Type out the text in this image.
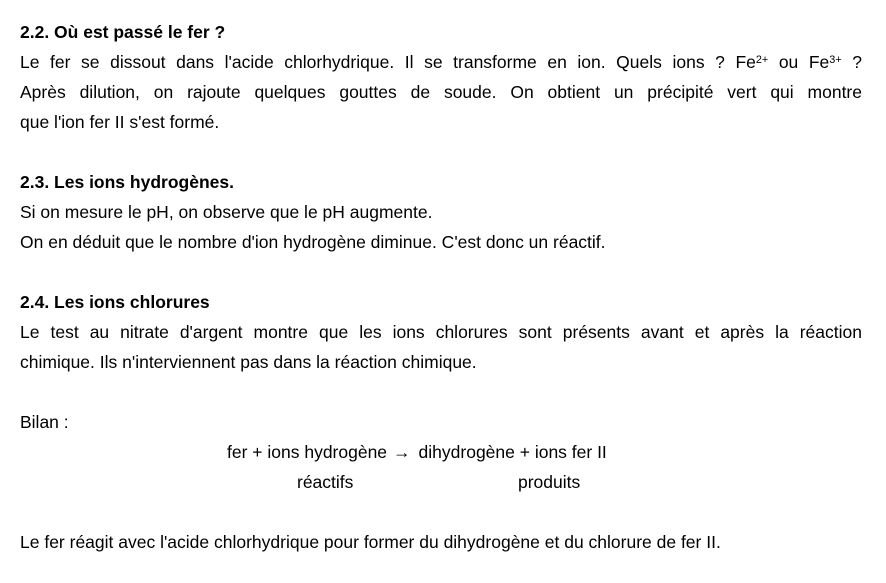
2.2. Où est passé le fer ?
Le fer se dissout dans l'acide chlorhydrique. Il se transforme en ion. Quels ions ? $Fe^{2+}$ ou $Fe^{3+}$ ?
Après dilution, on rajoute quelques gouttes de soude. On obtient un précipité vert qui montre
que l'ion fer II s'est formé.
2.3. Les ions hydrogènes.
Si on mesure le pH, on observe que le pH augmente.
On en déduit que le nombre d'ion hydrogène diminue. C'est donc un réactif.
2.4. Les ions chlorures
Le test au nitrate d'argent montre que les ions chlorures sont présents avant et après la réaction
chimique. Ils n'interviennent pas dans la réaction chimique.
Bilan :
fer + ions hydrogène → dihydrogène + ions fer II
réactifs	produits
Le fer réagit avec l'acide chlorhydrique pour former du dihydrogène et du chlorure de fer II.
